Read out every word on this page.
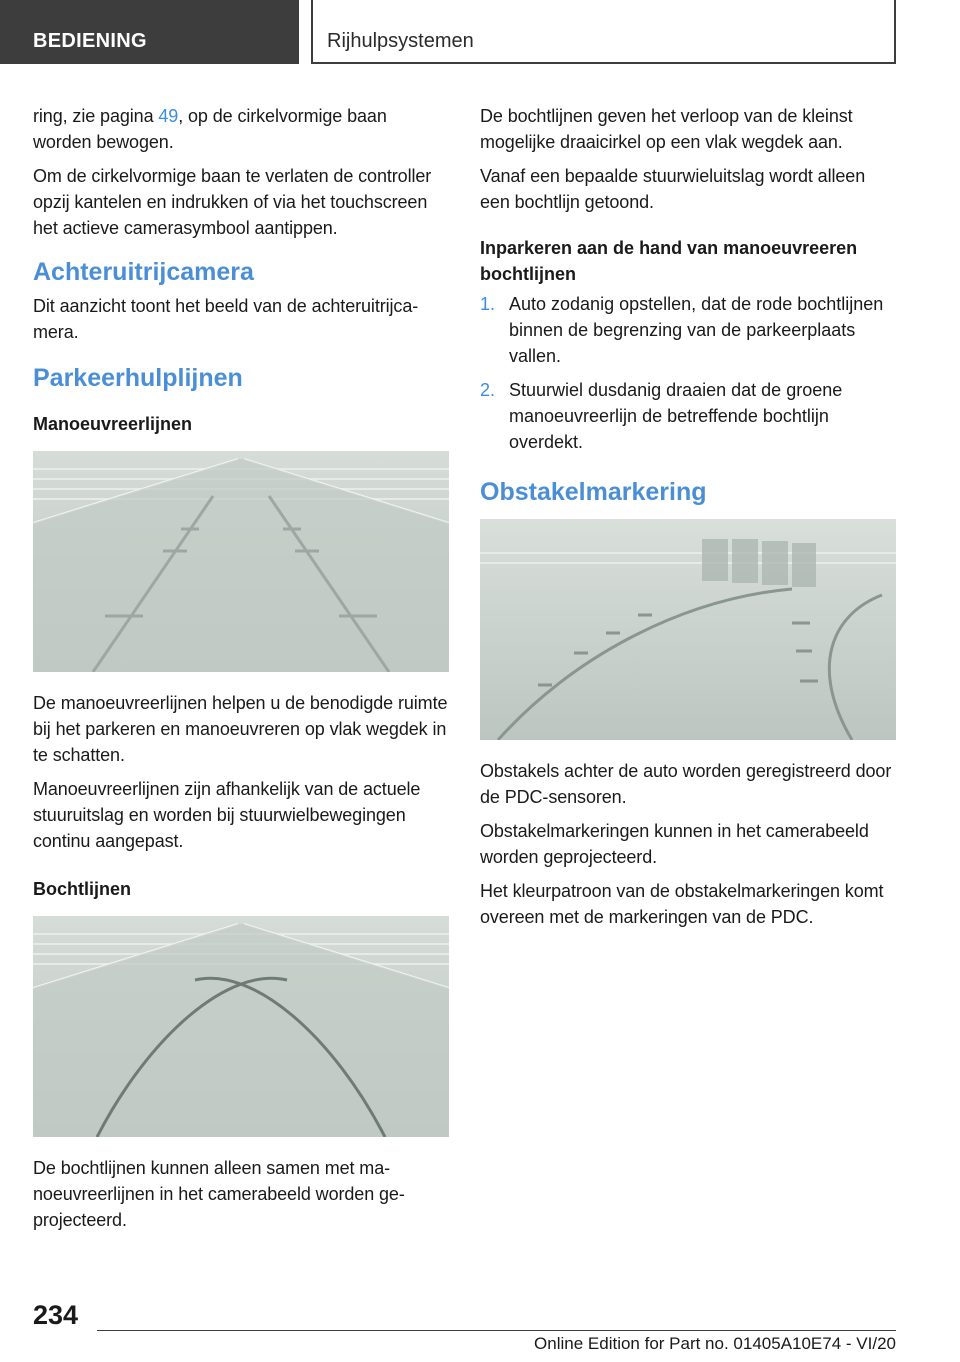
BEDIENING	Rijhulpsystemen

ring, zie pagina 49, op de cirkelvormige baan worden bewogen.

Om de cirkelvormige baan te verlaten de controller opzij kantelen en indrukken of via het touchscreen het actieve camerasymbool aantippen.

Achteruitrijcamera

Dit aanzicht toont het beeld van de achteruitrijcamera.

Parkeerhulplijnen
Manoeuvreerlijnen

De manoeuvreerlijnen helpen u de benodigde ruimte bij het parkeren en manoeuvreren op vlak wegdek in te schatten.

Manoeuvreerlijnen zijn afhankelijk van de actuele stuuruitslag en worden bij stuurwielbewegingen continu aangepast.

Bochtlijnen

De bochtlijnen kunnen alleen samen met manoeuvreerlijnen in het camerabeeld worden geprojecteerd.

De bochtlijnen geven het verloop van de kleinst mogelijke draaicirkel op een vlak wegdek aan.

Vanaf een bepaalde stuurwieluitslag wordt alleen een bochtlijn getoond.

Inparkeren aan de hand van manoeuvreeren bochtlijnen
1. Auto zodanig opstellen, dat de rode bochtlijnen binnen de begrenzing van de parkeerplaats vallen.
2. Stuurwiel dusdanig draaien dat de groene manoeuvreerlijn de betreffende bochtlijn overdekt.
Obstakelmarkering

Obstakels achter de auto worden geregistreerd door de PDC-sensoren.

Obstakelmarkeringen kunnen in het camerabeeld worden geprojecteerd.

Het kleurpatroon van de obstakelmarkeringen komt overeen met de markeringen van de PDC.

234
Online Edition for Part no. 01405A10E74 - VI/20
